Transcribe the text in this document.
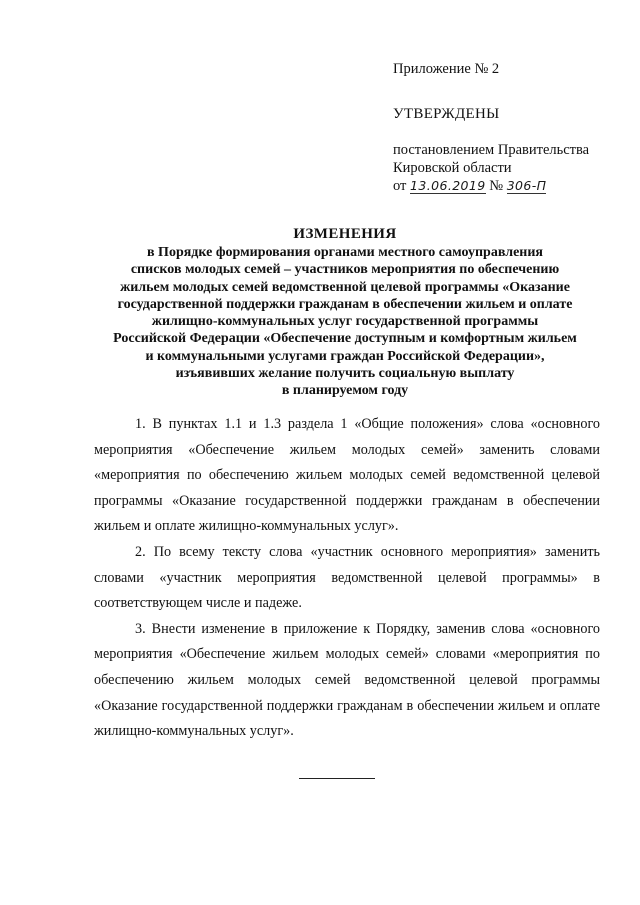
Приложение № 2
УТВЕРЖДЕНЫ
постановлением Правительства
Кировской области
от 13.06.2019 № 306-П
ИЗМЕНЕНИЯ
в Порядке формирования органами местного самоуправления
списков молодых семей – участников мероприятия по обеспечению
жильем молодых семей ведомственной целевой программы «Оказание
государственной поддержки гражданам в обеспечении жильем и оплате
жилищно-коммунальных услуг государственной программы
Российской Федерации «Обеспечение доступным и комфортным жильем
и коммунальными услугами граждан Российской Федерации»,
изъявивших желание получить социальную выплату
в планируемом году

1. В пунктах 1.1 и 1.3 раздела 1 «Общие положения» слова «основного мероприятия «Обеспечение жильем молодых семей» заменить словами «мероприятия по обеспечению жильем молодых семей ведомственной целевой программы «Оказание государственной поддержки гражданам в обеспечении жильем и оплате жилищно-коммунальных услуг».

2. По всему тексту слова «участник основного мероприятия» заменить словами «участник мероприятия ведомственной целевой программы» в соответствующем числе и падеже.

3. Внести изменение в приложение к Порядку, заменив слова «основного мероприятия «Обеспечение жильем молодых семей» словами «мероприятия по обеспечению жильем молодых семей ведомственной целевой программы «Оказание государственной поддержки гражданам в обеспечении жильем и оплате жилищно-коммунальных услуг».
